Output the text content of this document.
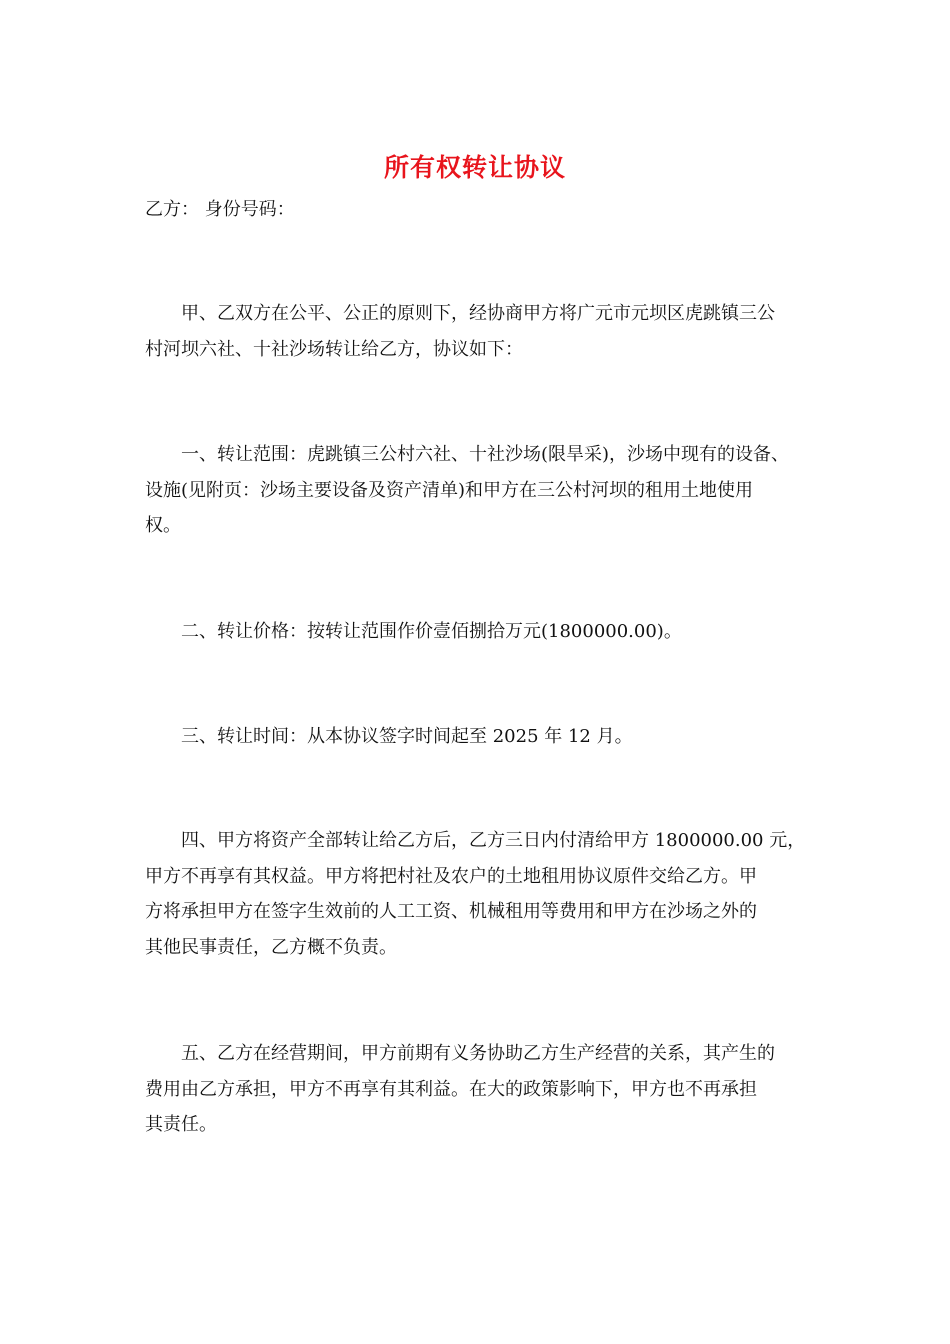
所有权转让协议
乙方： 身份号码：
甲、乙双方在公平、公正的原则下，经协商甲方将广元市元坝区虎跳镇三公
村河坝六社、十社沙场转让给乙方，协议如下：
一、转让范围：虎跳镇三公村六社、十社沙场(限旱采)，沙场中现有的设备、
设施(见附页：沙场主要设备及资产清单)和甲方在三公村河坝的租用土地使用
权。
二、转让价格：按转让范围作价壹佰捌拾万元(1800000.00)。
三、转让时间：从本协议签字时间起至 2025 年 12 月。
四、甲方将资产全部转让给乙方后，乙方三日内付清给甲方 1800000.00 元，
甲方不再享有其权益。甲方将把村社及农户的土地租用协议原件交给乙方。甲
方将承担甲方在签字生效前的人工工资、机械租用等费用和甲方在沙场之外的
其他民事责任，乙方概不负责。
五、乙方在经营期间，甲方前期有义务协助乙方生产经营的关系，其产生的
费用由乙方承担，甲方不再享有其利益。在大的政策影响下，甲方也不再承担
其责任。
